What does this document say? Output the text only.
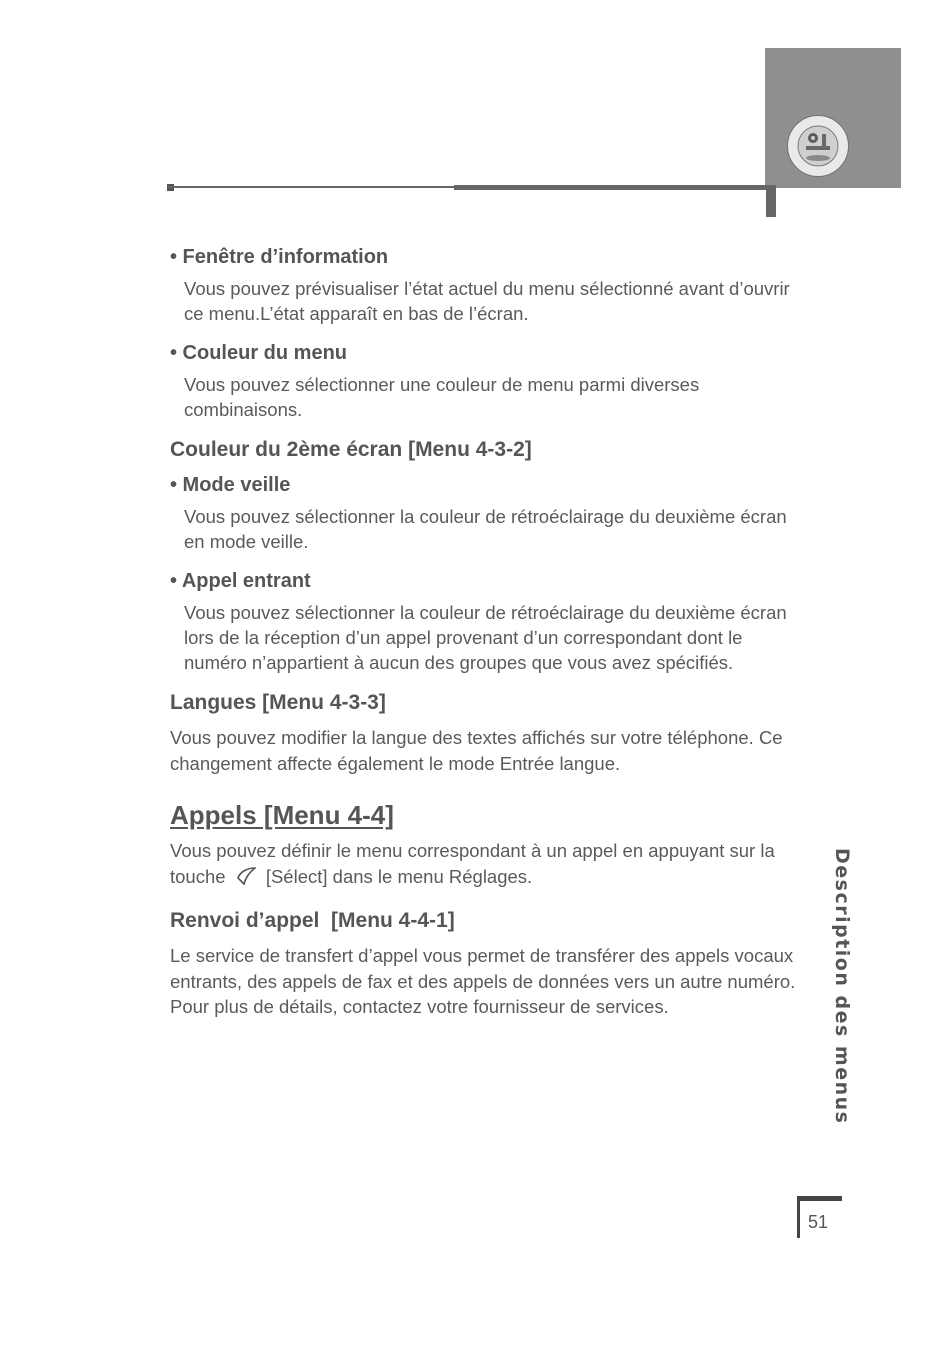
• Fenêtre d’information

Vous pouvez prévisualiser l’état actuel du menu sélectionné avant d’ouvrir ce menu.L’état apparaît en bas de l’écran.

• Couleur du menu

Vous pouvez sélectionner une couleur de menu parmi diverses combinaisons.

Couleur du 2ème écran [Menu 4-3-2]
• Mode veille

Vous pouvez sélectionner la couleur de rétroéclairage du deuxième écran en mode veille.

• Appel entrant

Vous pouvez sélectionner la couleur de rétroéclairage du deuxième écran lors de la réception d’un appel provenant d’un correspondant dont le numéro n’appartient à aucun des groupes que vous avez spécifiés.

Langues [Menu 4-3-3]

Vous pouvez modifier la langue des textes affichés sur votre téléphone. Ce changement affecte également le mode Entrée langue.

Appels [Menu 4-4]

Vous pouvez définir le menu correspondant à un appel en appuyant sur la touche [Sélect] dans le menu Réglages.

Renvoi d’appel  [Menu 4-4-1]

Le service de transfert d’appel vous permet de transférer des appels vocaux entrants, des appels de fax et des appels de données vers un autre numéro. Pour plus de détails, contactez votre fournisseur de services.	Description des menus
51
